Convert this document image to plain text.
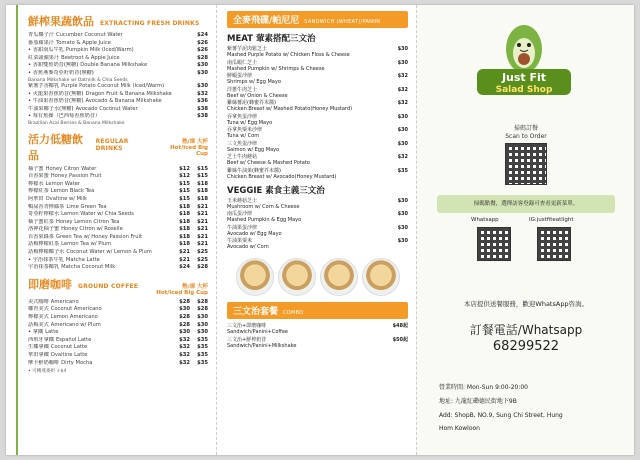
鮮榨果蔬飲品 EXTRACTING FRESH DRINKS
青瓜椰子汁 Cucumber Coconut Water	$24
番茄蘋果汁 Tomato & Apple Juice	$26
• 香甜南瓜牛乳 Pumpkin Milk (Iced/Warm)	$26
紅菜頭蘋果汁 Beetroot & Apple Juice	$28
• 香甜雙蕉奶昔(無糖) Double Banana Milkshake	$30
• 香蕉燕麥奇亞籽奶昔(無糖)
Banana Milkshake w/ Oatmilk & Chia Seeds
$30
紫薯芋香椰乳 Purple Potato Coconut Milk (Iced/Warm)	$30
• 火龍果香蕉奶昔(無糖) Dragon Fruit & Banana Milkshake	$32
• 牛油果香蕉奶昔(無糖) Avocado & Banana Milkshake	$36
牛油果椰子水(無糖) Avocado Coconut Water	$38
• 莓有蕉操（巴西莓香蕉奶昔）
Brazilian Acai Berries & Banana Milkshake
$38
活力低糖飲品
REGULAR DRINKS
熱/凍 大杯
Hot/Iced Big Cup
柚子蜜 Honey Citron Water	$12	$15
百香果蜜 Honey Passion Fruit	$12	$15
檸檬水 Lemon Water	$15	$18
檸檬紅茶 Lemon Black Tea	$15	$18
阿華田 Ovaltine w/ Milk	$15	$18
鴨屎香青檸綠茶 Lime Green Tea	$18	$21
奇亞籽檸檬水 Lemon Water w/ Chia Seeds	$18	$21
柚子蜜紅茶 Honey Lemon Citron Tea	$18	$21
洛神花柚子蜜 Honey Citron w/ Roselle	$18	$21
百香果綠茶 Green Tea w/ Honey Passion Fruit	$18	$21
話梅檸檬紅茶 Lemon Tea w/ Plum	$18	$21
話梅檸檬椰子水 Coconut Water w/ Lemon & Plum	$21	$25
• 宇治抹茶牛乳 Matcha Latte	$21	$25
宇治抹茶椰乳 Matcha Coconut Milk	$24	$28
即磨咖啡 GROUND COFFEE	熱/凍 大杯
Hot/Iced Big Cup
美式咖啡 Americano	$28	$28
椰青美式 Coconut Americano	$30	$28
檸檬美式 Lemon Americano	$28	$30
話梅美式 Americano w/ Plum	$28	$30
• 拿鐵 Latte	$30	$30
西班牙拿鐵 Español Latte	$32	$35
生椰拿鐵 Coconut Latte	$32	$35
華田拿鐵 Ovaltine Latte	$32	$35
摩卡鮮奶咖啡 Dirty Mocha	$32	$35
• 可轉燕麥奶 +$4
全麥飛碟/帕尼尼 SANDWICH (WHEAT)/PANINI
MEAT 葷素搭配三文治
紫薯芋泥肉鬆芝士
Mashed Purple Potato w/ Chicken Floss & Cheese
$30
南瓜蝦仁芝士
Mashed Pumpkin w/ Shrimps & Cheese
$30
鮮蝦蛋沙律
Shrimps w/ Egg Mayo
$32
洋蔥牛肉芝士
Beef w/ Onion & Cheese
$32
雞絲薯泥(蜂蜜芥末醬)
Chicken Breast w/ Mashed Potato(Honey Mustard)
$32
吞拿魚蛋沙律
Tuna w/ Egg Mayo
$30
吞拿魚粟米沙律
Tuna w/ Corn
$30
三文魚蛋沙律
Salmon w/ Egg Mayo
$30
芝士牛肉蘑菇
Beef w/ Cheese & Mashed Potato
$32
雞絲牛油果(蜂蜜芥末醬)
Chicken Breast w/ Avocado(Honey Mustard)
$35
VEGGIE 素食主義三文治
玉米蘑菇芝士
Mushroom w/ Corn & Cheese
$30
南瓜蛋沙律
Mashed Pumpkin & Egg Mayo
$30
牛油果蛋沙律
Avocado w/ Egg Mayo
$30
牛油果粟米
Avocado w/ Corn
$30
三文治套餐 COMBO
三文治+即磨咖啡
Sandwich/Panini+Coffee
$48起
三文治+鮮榨奶昔
Sandwich/Panini+Milkshake
$50起
Just Fit
Salad Shop
掃碼訂餐
Scan to Order
掃碼點餐，選擇訪客登錄可查看更新菜單。
Whatsapp	IG:justfiteatlight
本店提供送餐服務，歡迎WhatsApp咨詢。
訂餐電話/Whatsapp
68299522
營業時間: Mon-Sun 9:00-20:00
地址: 九龍紅磡德民街地下9B
Add: ShopB, NO.9, Sung Chi Street, Hung
Hom Kowloon
